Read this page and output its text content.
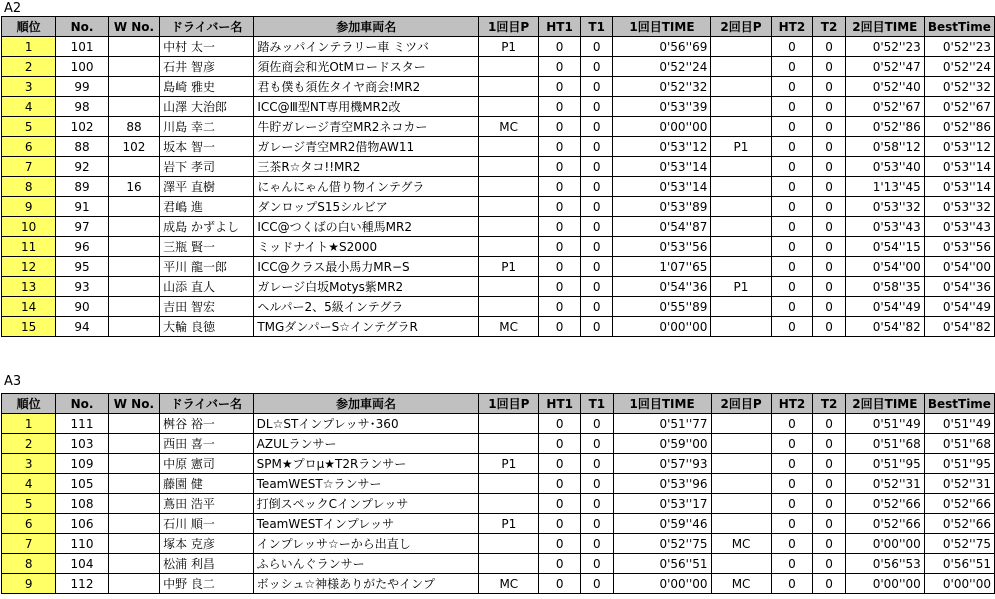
A2
順位	No.	W No.	ドライバー名	参加車両名	1回目P	HT1	T1	1回目TIME	2回目P	HT2	T2	2回目TIME	BestTime
1	101		中村 太一	踏みッパインテラリー車 ミツバ	P1	0	0	0'56''69		0	0	0'52''23	0'52''23
2	100		石井 智彦	須佐商会和光OtMロードスター		0	0	0'52''24		0	0	0'52''47	0'52''24
3	99		島崎 雅史	君も僕も須佐タイヤ商会!MR2		0	0	0'52''32		0	0	0'52''40	0'52''32
4	98		山澤 大治郎	ICC@Ⅲ型NT専用機MR2改		0	0	0'53''39		0	0	0'52''67	0'52''67
5	102	88	川島 幸二	牛貯ガレージ青空MR2ネコカー	MC	0	0	0'00''00		0	0	0'52''86	0'52''86
6	88	102	坂本 智一	ガレージ青空MR2借物AW11		0	0	0'53''12	P1	0	0	0'58''12	0'53''12
7	92		岩下 孝司	三茶R☆タコ!!MR2		0	0	0'53''14		0	0	0'53''40	0'53''14
8	89	16	澤平 直樹	にゃんにゃん借り物インテグラ		0	0	0'53''14		0	0	1'13''45	0'53''14
9	91		君嶋 進	ダンロップS15シルビア		0	0	0'53''89		0	0	0'53''32	0'53''32
10	97		成島 かずよし	ICC@つくばの白い種馬MR2		0	0	0'54''87		0	0	0'53''43	0'53''43
11	96		三瓶 賢一	ミッドナイト★S2000		0	0	0'53''56		0	0	0'54''15	0'53''56
12	95		平川 龍一郎	ICC@クラス最小馬力MR−S	P1	0	0	1'07''65		0	0	0'54''00	0'54''00
13	93		山添 直人	ガレージ白坂Motys紫MR2		0	0	0'54''36	P1	0	0	0'58''35	0'54''36
14	90		吉田 智宏	ヘルパー2、5級インテグラ		0	0	0'55''89		0	0	0'54''49	0'54''49
15	94		大輪 良徳	TMGダンパーS☆インテグラR	MC	0	0	0'00''00		0	0	0'54''82	0'54''82
A3
順位	No.	W No.	ドライバー名	参加車両名	1回目P	HT1	T1	1回目TIME	2回目P	HT2	T2	2回目TIME	BestTime
1	111		桝谷 裕一	DL☆STインプレッサ･360		0	0	0'51''77		0	0	0'51''49	0'51''49
2	103		西田 喜一	AZULランサー		0	0	0'59''00		0	0	0'51''68	0'51''68
3	109		中原 憲司	SPM★プロμ★T2Rランサー	P1	0	0	0'57''93		0	0	0'51''95	0'51''95
4	105		藤園 健	TeamWEST☆ランサー		0	0	0'53''96		0	0	0'52''31	0'52''31
5	108		蔦田 浩平	打倒スペックCインプレッサ		0	0	0'53''17		0	0	0'52''66	0'52''66
6	106		石川 順一	TeamWESTインプレッサ	P1	0	0	0'59''46		0	0	0'52''66	0'52''66
7	110		塚本 克彦	インプレッサ☆ーから出直し		0	0	0'52''75	MC	0	0	0'00''00	0'52''75
8	104		松浦 利昌	ふらいんぐランサー		0	0	0'56''51		0	0	0'56''53	0'56''51
9	112		中野 良二	ボッシュ☆神様ありがたやインプ	MC	0	0	0'00''00	MC	0	0	0'00''00	0'00''00
